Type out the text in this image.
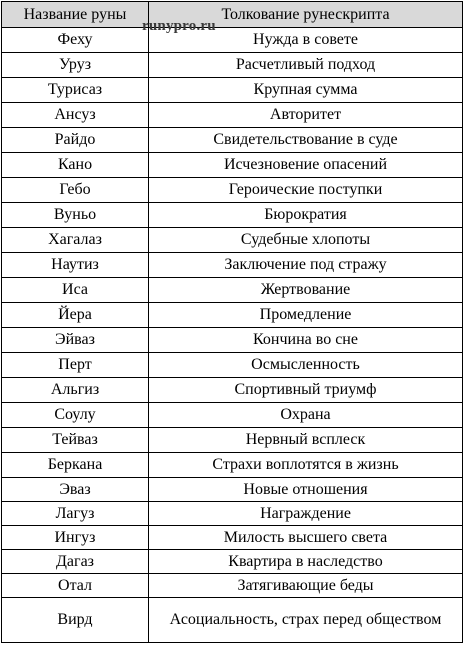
Название руны	Толкование рунескрипта
Феху	Нужда в совете
Уруз	Расчетливый подход
Турисаз	Крупная сумма
Ансуз	Авторитет
Райдо	Свидетельствование в суде
Кано	Исчезновение опасений
Гебо	Героические поступки
Вуньо	Бюрократия
Хагалаз	Судебные хлопоты
Наутиз	Заключение под стражу
Иса	Жертвование
Йера	Промедление
Эйваз	Кончина во сне
Перт	Осмысленность
Альгиз	Спортивный триумф
Соулу	Охрана
Тейваз	Нервный всплеск
Беркана	Страхи воплотятся в жизнь
Эваз	Новые отношения
Лагуз	Награждение
Ингуз	Милость высшего света
Дагаз	Квартира в наследство
Отал	Затягивающие беды
Вирд	Асоциальность, страх перед обществом
runypro.ru
